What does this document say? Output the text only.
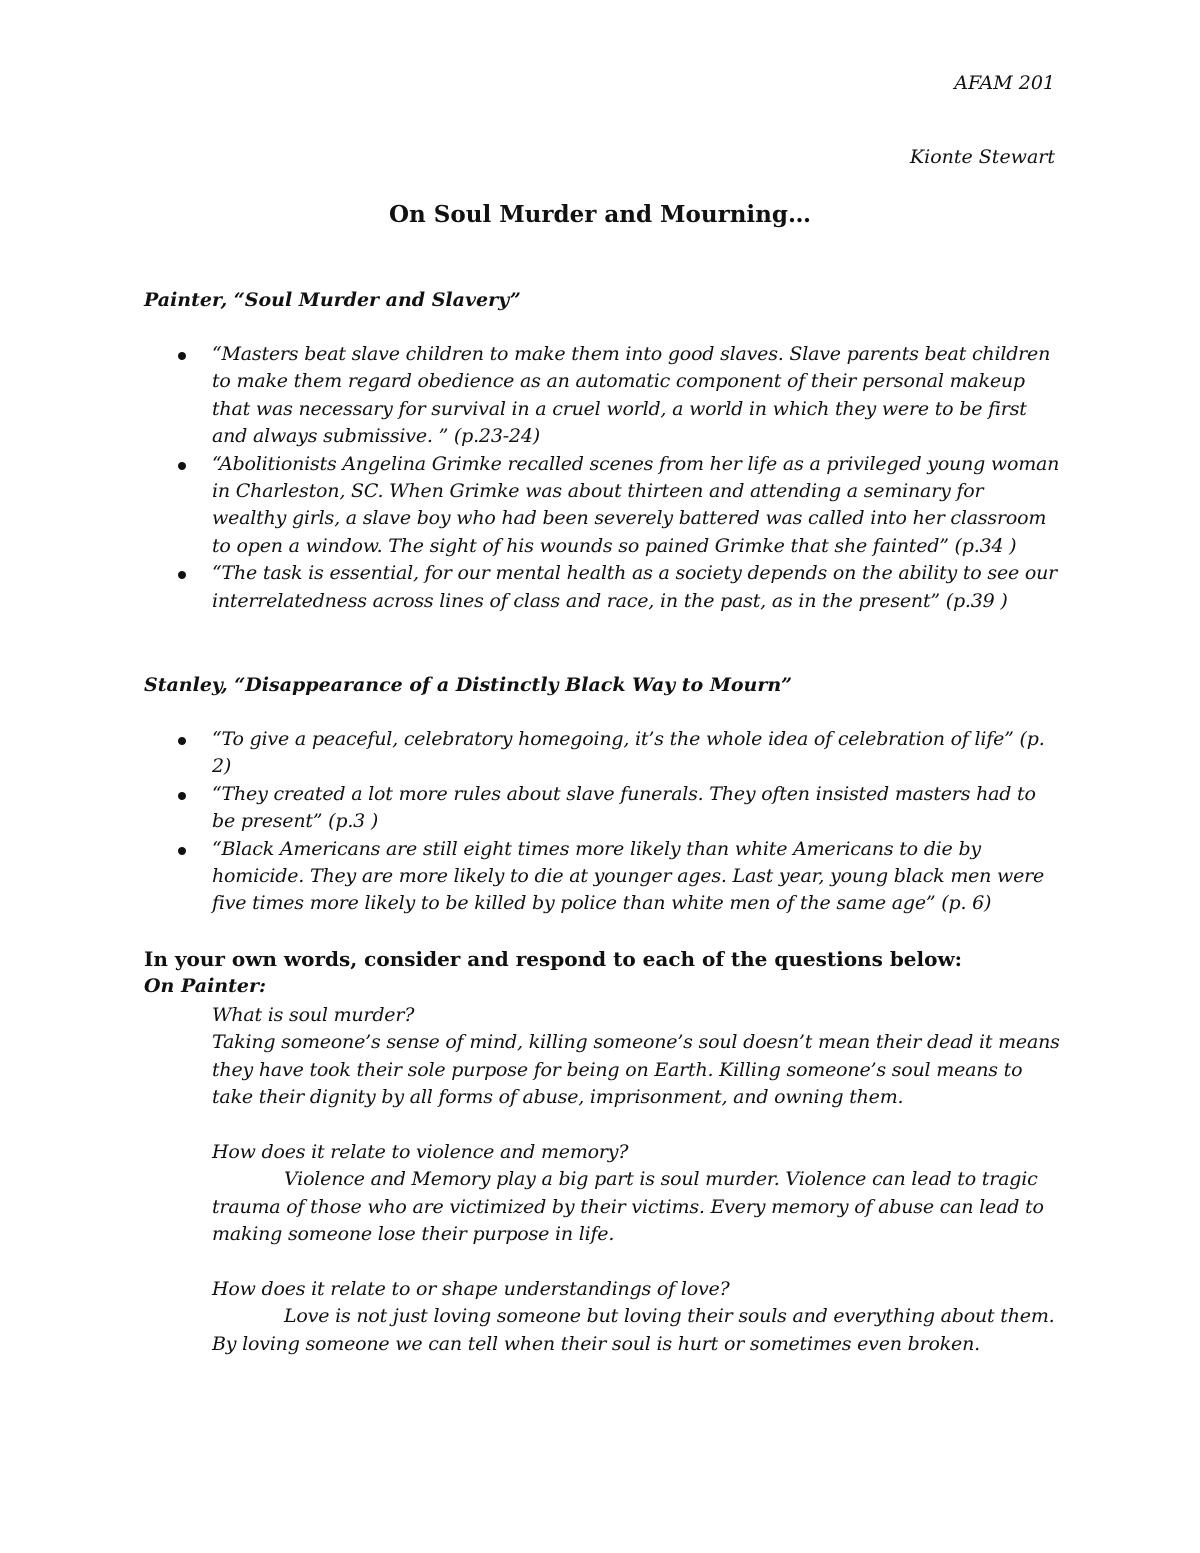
AFAM 201
Kionte Stewart
On Soul Murder and Mourning…
Painter, “Soul Murder and Slavery”
“Masters beat slave children to make them into good slaves. Slave parents beat children to make them regard obedience as an automatic component of their personal makeup that was necessary for survival in a cruel world, a world in which they were to be first and always submissive. ” (p.23-24)
“Abolitionists Angelina Grimke recalled scenes from her life as a privileged young woman in Charleston, SC. When Grimke was about thirteen and attending a seminary for wealthy girls, a slave boy who had been severely battered was called into her classroom to open a window. The sight of his wounds so pained Grimke that she fainted” (p.34 )
“The task is essential, for our mental health as a society depends on the ability to see our interrelatedness across lines of class and race, in the past, as in the present” (p.39 )
Stanley, “Disappearance of a Distinctly Black Way to Mourn”
“To give a peaceful, celebratory homegoing, it’s the whole idea of celebration of life” (p. 2)
“They created a lot more rules about slave funerals. They often insisted masters had to be present” (p.3 )
“Black Americans are still eight times more likely than white Americans to die by homicide. They are more likely to die at younger ages. Last year, young black men were five times more likely to be killed by police than white men of the same age” (p. 6)
In your own words, consider and respond to each of the questions below:
On Painter:

What is soul murder?

Taking someone’s sense of mind, killing someone’s soul doesn’t mean their dead it means they have took their sole purpose for being on Earth. Killing someone’s soul means to take their dignity by all forms of abuse, imprisonment, and owning them.

How does it relate to violence and memory?

Violence and Memory play a big part is soul murder. Violence can lead to tragic trauma of those who are victimized by their victims. Every memory of abuse can lead to making someone lose their purpose in life.

How does it relate to or shape understandings of love?

Love is not just loving someone but loving their souls and everything about them. By loving someone we can tell when their soul is hurt or sometimes even broken.
